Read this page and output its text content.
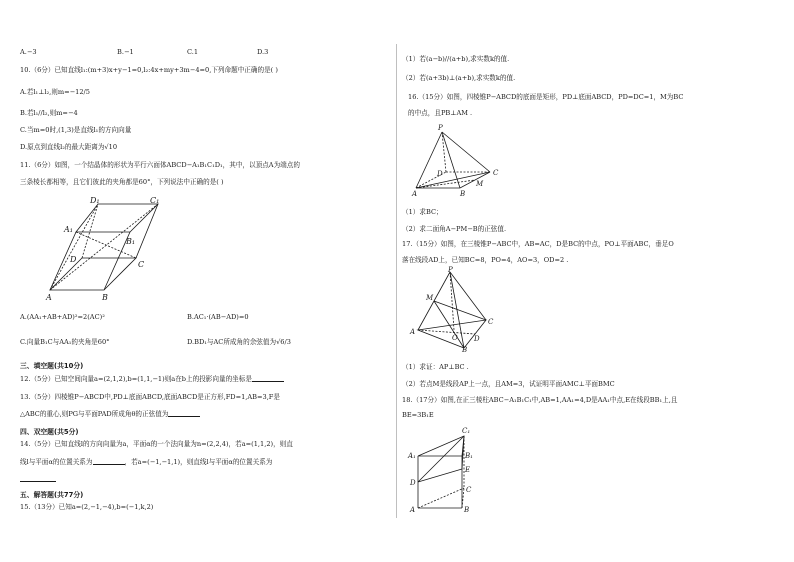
A.−3	B.−1	C.1	D.3
10.（6分）已知直线l₁:(m+3)x+y−1=0,l₂:4x+my+3m−4=0,下列命题中正确的是( )
A.若l₁⊥l₂,则m=−12/5
B.若l₁//l₂,则m=−4
C.当m=0时,(1,3)是直线l₁的方向向量
D.原点到直线l₂的最大距离为√10
11.（6分）如图，一个结晶体的形状为平行六面体ABCD−A₁B₁C₁D₁，其中，以顶点A为端点的
三条棱长都相等，且它们彼此的夹角都是60°，下列说法中正确的是( )
D₁	C₁
A₁
B₁
D
C
A	B
A.(AA₁+AB+AD)²=2(AC)²	B.AC₁·(AB−AD)=0
C.向量B₁C与AA₁的夹角是60°	D.BD₁与AC所成角的余弦值为√6/3
三、填空题(共10分)
12.（5分）已知空间向量a=(2,1,2),b=(1,1,−1)则a在b上的投影向量的坐标是
13.（5分）四棱锥P−ABCD中,PD⊥底面ABCD,底面ABCD是正方形,FD=1,AB=3,F是
△ABC的重心,则PG与平面PAD所成角θ的正弦值为
四、双空题(共5分)
14.（5分）已知直线l的方向向量为a，平面α的一个法向量为n=(2,2,4)，若a=(1,1,2)，则直
线l与平面α的位置关系为	，若a=(−1,−1,1)，则直线l与平面α的位置关系为
五、解答题(共77分)
15.（13分）已知a=(2,−1,−4),b=(−1,k,2)
（1）若(a−b)//(a+b),求实数k的值.
（2）若(a+3b)⊥(a+b),求实数k的值.
16.（15分）如图，四棱锥P−ABCD的底面是矩形，PD⊥底面ABCD，PD=DC=1，M为BC
的中点，且PB⊥AM .
P
D	C
M
A	B
（1）求BC；
（2）求二面角A−PM−B的正弦值.
17.（15分）如图，在三棱锥P−ABC中，AB=AC，D是BC的中点，PO⊥平面ABC，垂足O
落在线段AD上，已知BC=8，PO=4，AO=3，OD=2 .
P
M
A
O
C
D
B
（1）求证：AP⊥BC .
（2）若点M是线段AP上一点，且AM=3，试证明平面AMC⊥平面BMC
18.（17分）如图,在正三棱柱ABC−A₁B₁C₁中,AB=1,AA₁=4,D是AA₁中点,E在线段BB₁上,且
BE=3B₁E
C₁
A₁	B₁
E
D
C
A	B
